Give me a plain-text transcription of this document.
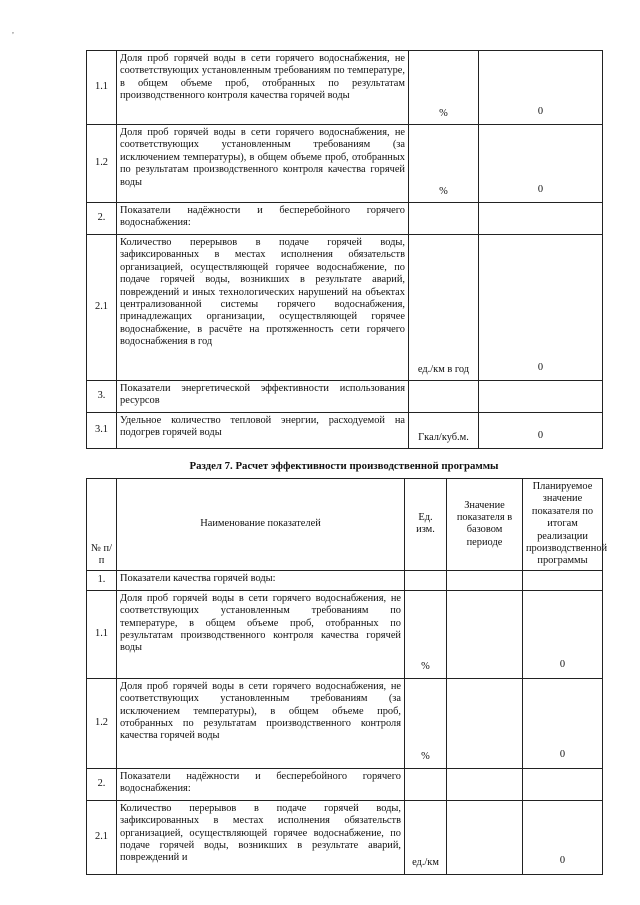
,
1.1	Доля проб горячей воды в сети горячего водоснабжения, не соответствующих установленным требованиям по температуре, в общем объеме проб, отобранных по результатам производственного контроля качества горячей воды	%	0
1.2	Доля проб горячей воды в сети горячего водоснабжения, не соответствующих установленным требованиям (за исключением температуры), в общем объеме проб, отобранных по результатам производственного контроля качества горячей воды	%	0
2.	Показатели надёжности и бесперебойного горячего водоснабжения:		
2.1	Количество перерывов в подаче горячей воды, зафиксированных в местах исполнения обязательств организацией, осуществляющей горячее водоснабжение, по подаче горячей воды, возникших в результате аварий, повреждений и иных технологических нарушений на объектах централизованной системы горячего водоснабжения, принадлежащих организации, осуществляющей горячее водоснабжение, в расчёте на протяженность сети горячего водоснабжения в год	ед./км в год	0
3.	Показатели энергетической эффективности использования ресурсов		
3.1	Удельное количество тепловой энергии, расходуемой на подогрев горячей воды	Гкал/куб.м.	0
Раздел 7. Расчет эффективности производственной программы
№ п/п	Наименование показателей	Ед. изм.	Значение показателя в базовом периоде	Планируемое значение показателя по итогам реализации производственной программы
1.	Показатели качества горячей воды:			
1.1	Доля проб горячей воды в сети горячего водоснабжения, не соответствующих установленным требованиям по температуре, в общем объеме проб, отобранных по результатам производственного контроля качества горячей воды	%		0
1.2	Доля проб горячей воды в сети горячего водоснабжения, не соответствующих установленным требованиям (за исключением температуры), в общем объеме проб, отобранных по результатам производственного контроля качества горячей воды	%		0
2.	Показатели надёжности и бесперебойного горячего водоснабжения:			
2.1	Количество перерывов в подаче горячей воды, зафиксированных в местах исполнения обязательств организацией, осуществляющей горячее водоснабжение, по подаче горячей воды, возникших в результате аварий, повреждений и	ед./км		0
